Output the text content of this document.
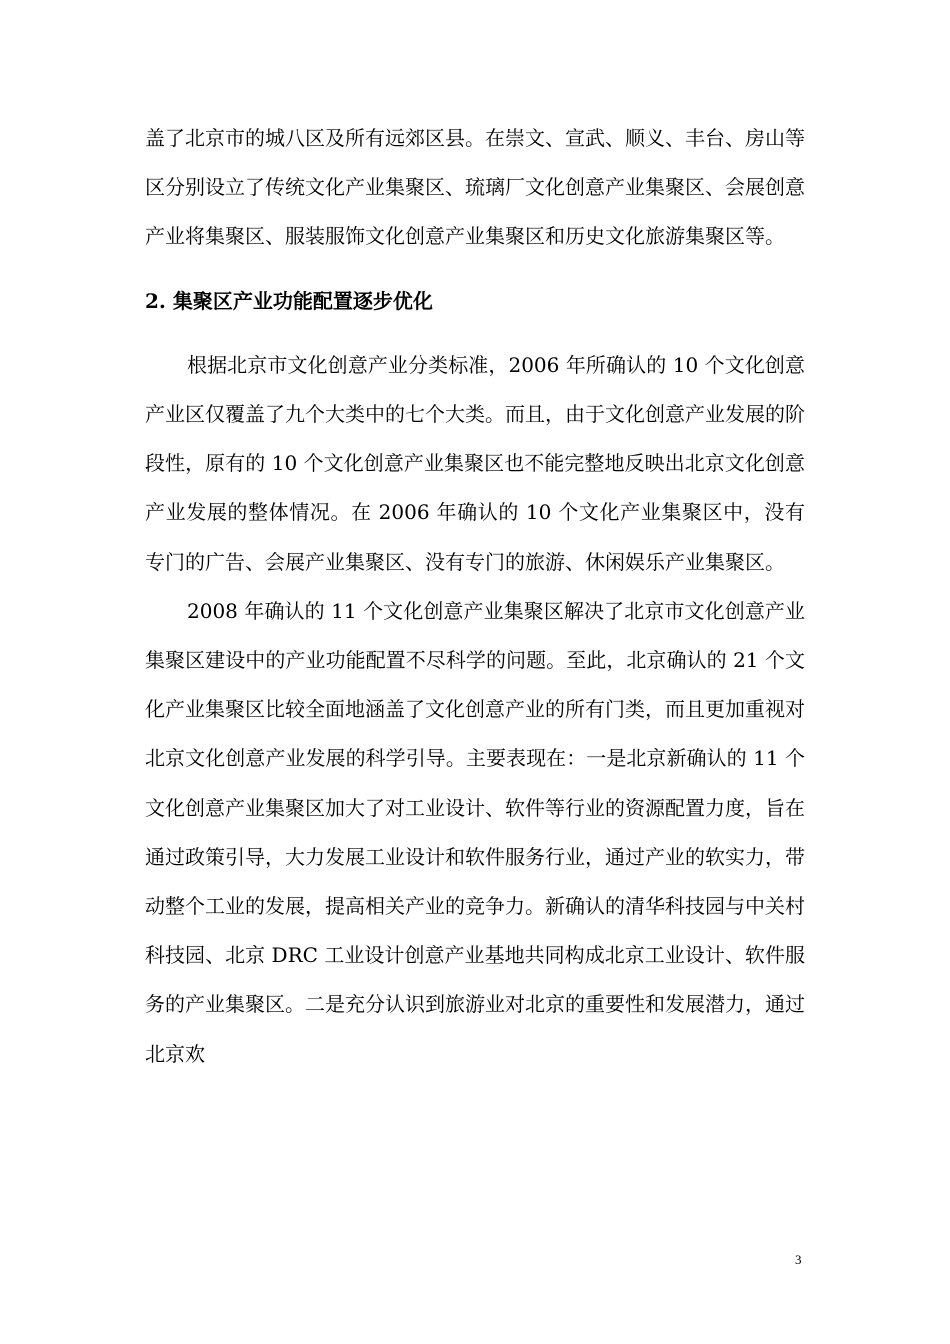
盖了北京市的城八区及所有远郊区县。在崇文、宣武、顺义、丰台、房山等区分别设立了传统文化产业集聚区、琉璃厂文化创意产业集聚区、会展创意产业将集聚区、服装服饰文化创意产业集聚区和历史文化旅游集聚区等。

2. 集聚区产业功能配置逐步优化

根据北京市文化创意产业分类标准，2006 年所确认的 10 个文化创意产业区仅覆盖了九个大类中的七个大类。而且，由于文化创意产业发展的阶段性，原有的 10 个文化创意产业集聚区也不能完整地反映出北京文化创意产业发展的整体情况。在 2006 年确认的 10 个文化产业集聚区中，没有专门的广告、会展产业集聚区、没有专门的旅游、休闲娱乐产业集聚区。

2008 年确认的 11 个文化创意产业集聚区解决了北京市文化创意产业集聚区建设中的产业功能配置不尽科学的问题。至此，北京确认的 21 个文化产业集聚区比较全面地涵盖了文化创意产业的所有门类，而且更加重视对北京文化创意产业发展的科学引导。主要表现在：一是北京新确认的 11 个文化创意产业集聚区加大了对工业设计、软件等行业的资源配置力度，旨在通过政策引导，大力发展工业设计和软件服务行业，通过产业的软实力，带动整个工业的发展，提高相关产业的竞争力。新确认的清华科技园与中关村科技园、北京 DRC 工业设计创意产业基地共同构成北京工业设计、软件服务的产业集聚区。二是充分认识到旅游业对北京的重要性和发展潜力，通过北京欢

3
